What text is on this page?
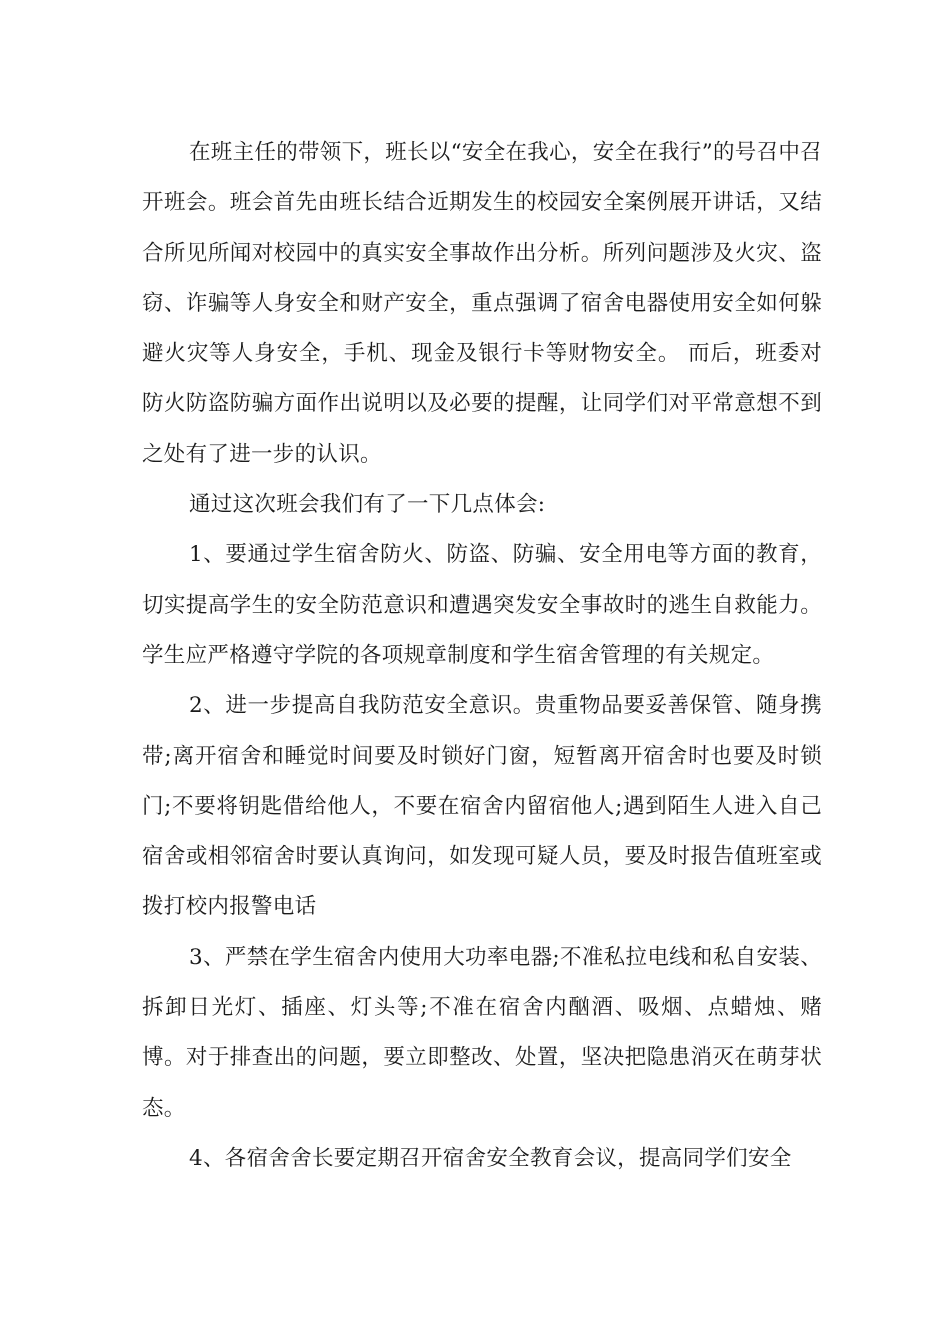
在班主任的带领下，班长以“安全在我心，安全在我行”的号召中召开班会。班会首先由班长结合近期发生的校园安全案例展开讲话，又结合所见所闻对校园中的真实安全事故作出分析。所列问题涉及火灾、盗窃、诈骗等人身安全和财产安全，重点强调了宿舍电器使用安全如何躲避火灾等人身安全，手机、现金及银行卡等财物安全。 而后，班委对防火防盗防骗方面作出说明以及必要的提醒，让同学们对平常意想不到之处有了进一步的认识。

通过这次班会我们有了一下几点体会:

1、要通过学生宿舍防火、防盗、防骗、安全用电等方面的教育，切实提高学生的安全防范意识和遭遇突发安全事故时的逃生自救能力。学生应严格遵守学院的各项规章制度和学生宿舍管理的有关规定。

2、进一步提高自我防范安全意识。贵重物品要妥善保管、随身携带;离开宿舍和睡觉时间要及时锁好门窗，短暂离开宿舍时也要及时锁门;不要将钥匙借给他人，不要在宿舍内留宿他人;遇到陌生人进入自己宿舍或相邻宿舍时要认真询问，如发现可疑人员，要及时报告值班室或拨打校内报警电话

3、严禁在学生宿舍内使用大功率电器;不准私拉电线和私自安装、拆卸日光灯、插座、灯头等;不准在宿舍内酗酒、吸烟、点蜡烛、赌博。对于排查出的问题，要立即整改、处置，坚决把隐患消灭在萌芽状态。

4、各宿舍舍长要定期召开宿舍安全教育会议，提高同学们安全
